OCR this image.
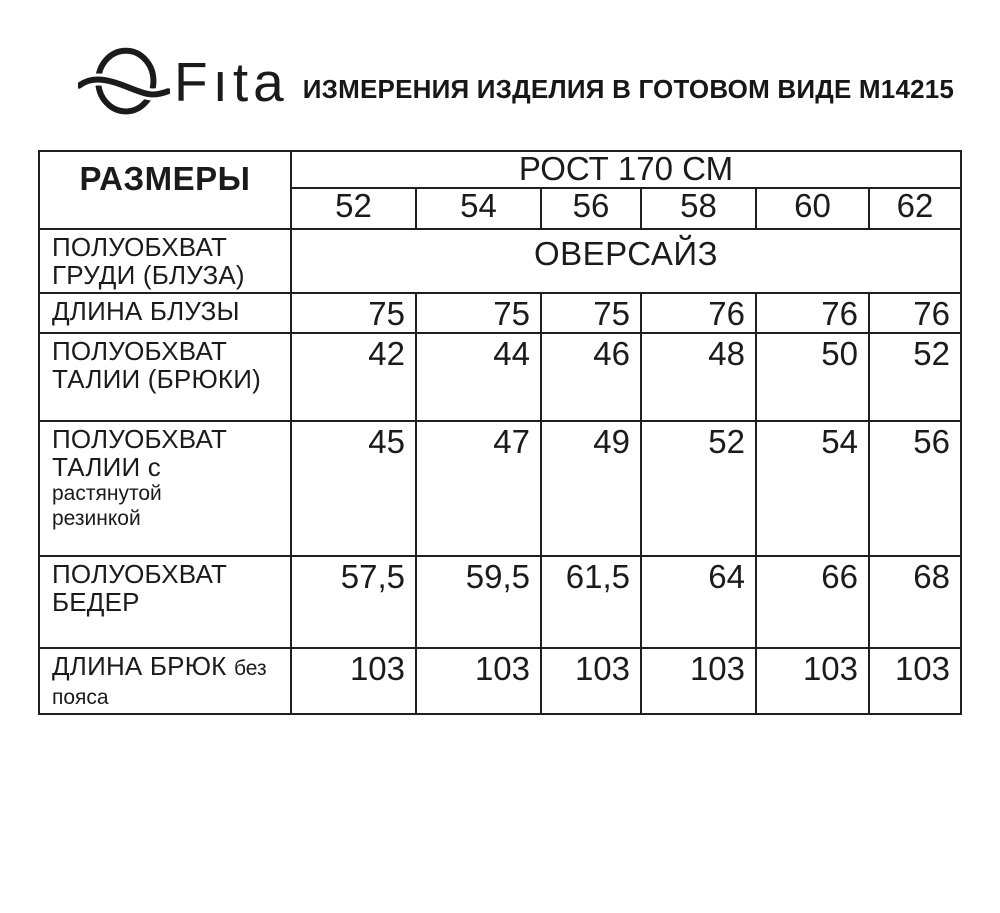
Fıta ИЗМЕРЕНИЯ ИЗДЕЛИЯ В ГОТОВОМ ВИДЕ М14215
РАЗМЕРЫ	РОСТ 170 СМ					
	52	54	56	58	60	62
ПОЛУОБХВАТ ГРУДИ (БЛУЗА)	ОВЕРСАЙЗ					
ДЛИНА БЛУЗЫ	75	75	75	76	76	76
ПОЛУОБХВАТ ТАЛИИ (БРЮКИ)	42	44	46	48	50	52
ПОЛУОБХВАТ ТАЛИИ с
растянутой
резинкой	45	47	49	52	54	56
ПОЛУОБХВАТ БЕДЕР	57,5	59,5	61,5	64	66	68
ДЛИНА БРЮК без пояса	103	103	103	103	103	103
